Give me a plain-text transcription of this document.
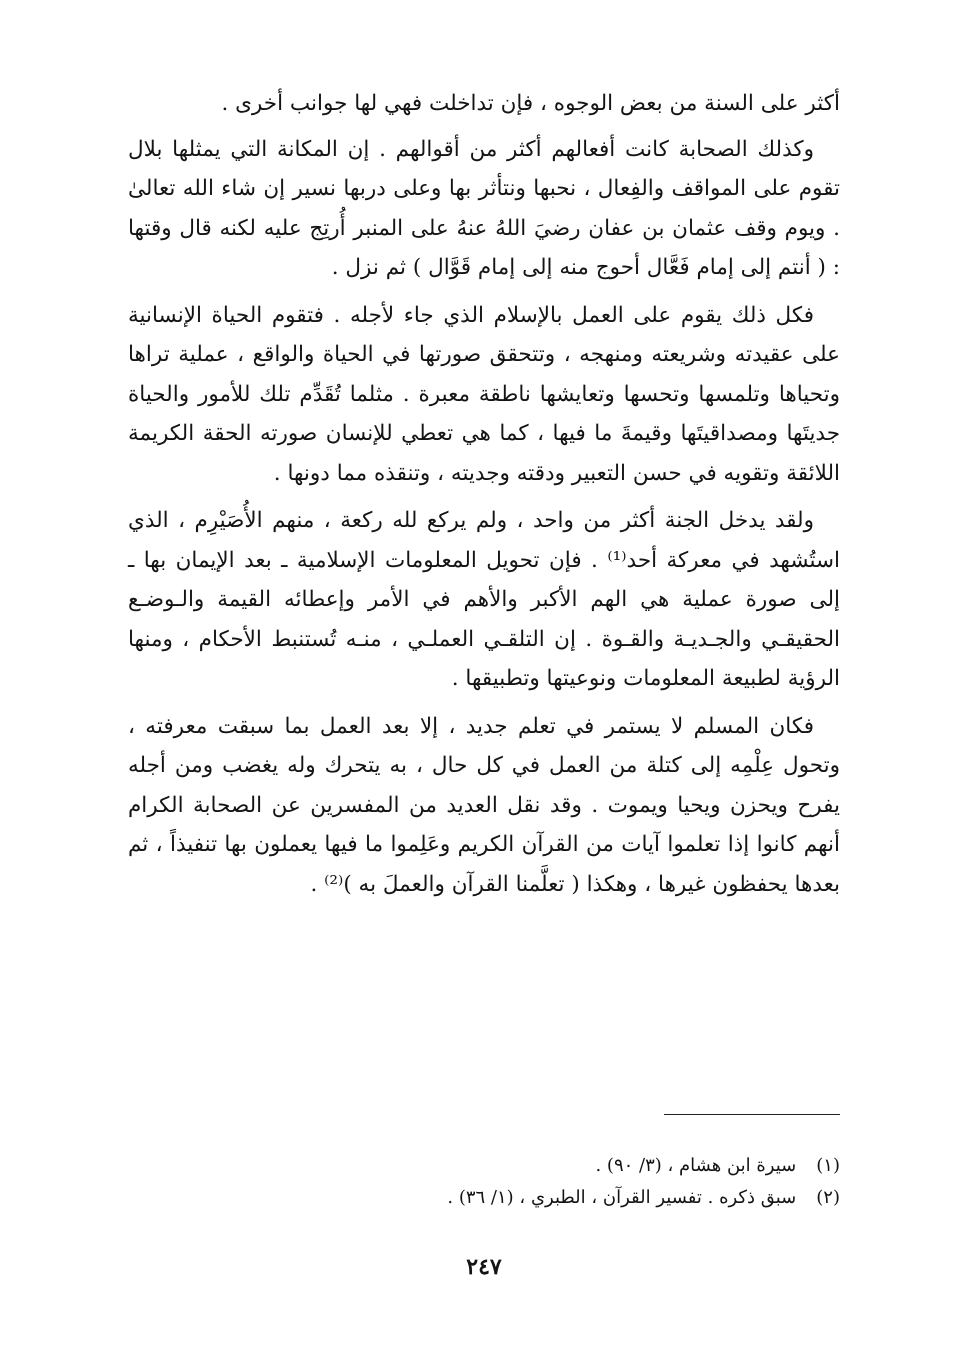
أكثر على السنة من بعض الوجوه ، فإن تداخلت فهي لها جوانب أخرى .

وكذلك الصحابة كانت أفعالهم أكثر من أقوالهم . إن المكانة التي يمثلها بلال تقوم على المواقف والفِعال ، نحبها ونتأثر بها وعلى دربها نسير إن شاء الله تعالىٰ . ويوم وقف عثمان بن عفان رضيَ اللهُ عنهُ على المنبر أُرتِج عليه لكنه قال وقتها : ( أنتم إلى إمام فَعَّال أحوج منه إلى إمام قَوَّال ) ثم نزل .

فكل ذلك يقوم على العمل بالإسلام الذي جاء لأجله . فتقوم الحياة الإنسانية على عقيدته وشريعته ومنهجه ، وتتحقق صورتها في الحياة والواقع ، عملية تراها وتحياها وتلمسها وتحسها وتعايشها ناطقة معبرة . مثلما تُقَدِّم تلك للأمور والحياة جديتَها ومصداقيتَها وقيمةَ ما فيها ، كما هي تعطي للإنسان صورته الحقة الكريمة اللائقة وتقويه في حسن التعبير ودقته وجديته ، وتنقذه مما دونها .

ولقد يدخل الجنة أكثر من واحد ، ولم يركع لله ركعة ، منهم الأُصَيْرِم ، الذي استُشهد في معركة أحد⁽¹⁾ . فإن تحويل المعلومات الإسلامية ـ بعد الإيمان بها ـ إلى صورة عملية هي الهم الأكبر والأهم في الأمر وإعطائه القيمة والـوضـع الحقيقـي والجـديـة والقـوة . إن التلقـي العملـي ، منـه تُستنبط الأحكام ، ومنها الرؤية لطبيعة المعلومات ونوعيتها وتطبيقها .

فكان المسلم لا يستمر في تعلم جديد ، إلا بعد العمل بما سبقت معرفته ، وتحول عِلْمِه إلى كتلة من العمل في كل حال ، به يتحرك وله يغضب ومن أجله يفرح ويحزن ويحيا ويموت . وقد نقل العديد من المفسرين عن الصحابة الكرام أنهم كانوا إذا تعلموا آيات من القرآن الكريم وعَلِموا ما فيها يعملون بها تنفيذاً ، ثم بعدها يحفظون غيرها ، وهكذا ( تعلَّمنا القرآن والعملَ به )⁽²⁾ .

(١) سيرة ابن هشام ، (٣/ ٩٠) .

(٢) سبق ذكره . تفسير القرآن ، الطبري ، (١/ ٣٦) .

٢٤٧
